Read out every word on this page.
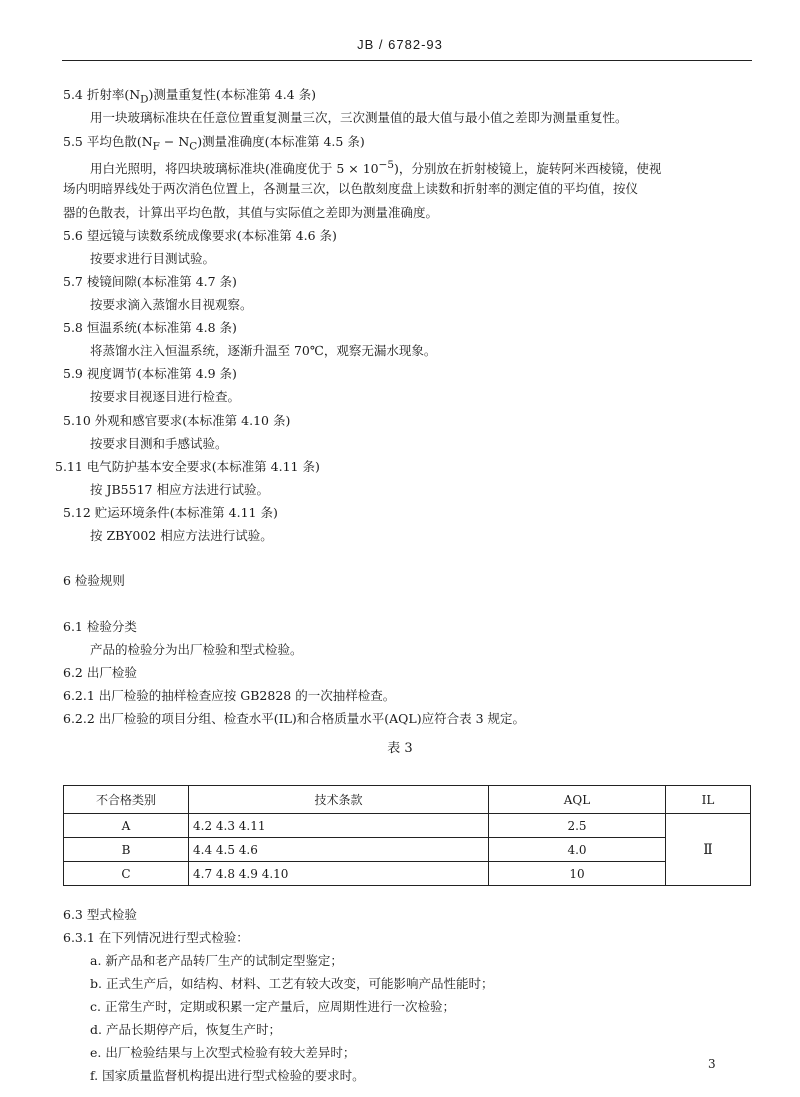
JB / 6782-93
5.4 折射率$(N_D)$测量重复性(本标准第 4.4 条)
用一块玻璃标准块在任意位置重复测量三次，三次测量值的最大值与最小值之差即为测量重复性。
5.5 平均色散$(N_F - N_C)$测量准确度(本标准第 4.5 条)
用白光照明，将四块玻璃标准块(准确度优于 $5 \times 10^{-5}$)，分别放在折射棱镜上，旋转阿米西棱镜，使视
场内明暗界线处于两次消色位置上，各测量三次，以色散刻度盘上读数和折射率的测定值的平均值，按仪
器的色散表，计算出平均色散，其值与实际值之差即为测量准确度。
5.6 望远镜与读数系统成像要求(本标准第 4.6 条)
按要求进行目测试验。
5.7 棱镜间隙(本标准第 4.7 条)
按要求滴入蒸馏水目视观察。
5.8 恒温系统(本标准第 4.8 条)
将蒸馏水注入恒温系统，逐渐升温至 70℃，观察无漏水现象。
5.9 视度调节(本标准第 4.9 条)
按要求目视逐目进行检查。
5.10 外观和感官要求(本标准第 4.10 条)
按要求目测和手感试验。
5.11 电气防护基本安全要求(本标准第 4.11 条)
按 JB5517 相应方法进行试验。
5.12 贮运环境条件(本标准第 4.11 条)
按 ZBY002 相应方法进行试验。
6 检验规则
6.1 检验分类
产品的检验分为出厂检验和型式检验。
6.2 出厂检验
6.2.1 出厂检验的抽样检查应按 GB2828 的一次抽样检查。
6.2.2 出厂检验的项目分组、检查水平(IL)和合格质量水平(AQL)应符合表 3 规定。
表 3
不合格类别	技术条款	AQL	IL
A	4.2 4.3 4.11	2.5	Ⅱ
B	4.4 4.5 4.6	4.0	
C	4.7 4.8 4.9 4.10	10	
6.3 型式检验
6.3.1 在下列情况进行型式检验：
a. 新产品和老产品转厂生产的试制定型鉴定；
b. 正式生产后，如结构、材料、工艺有较大改变，可能影响产品性能时；
c. 正常生产时，定期或积累一定产量后，应周期性进行一次检验；
d. 产品长期停产后，恢复生产时；
e. 出厂检验结果与上次型式检验有较大差异时；
f. 国家质量监督机构提出进行型式检验的要求时。
3
